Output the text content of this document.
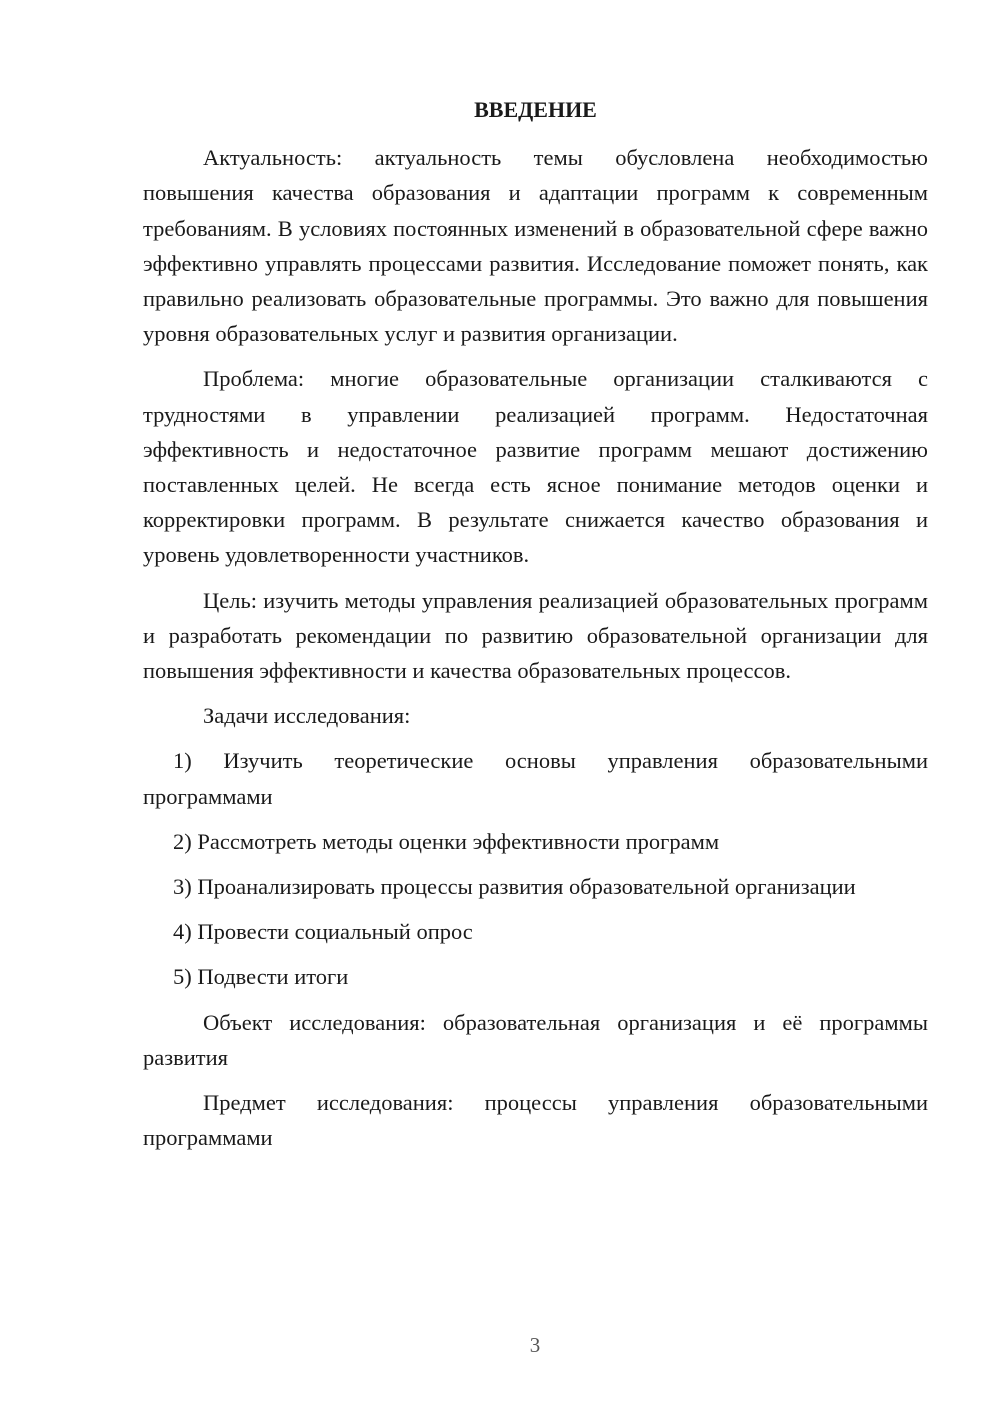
ВВЕДЕНИЕ

Актуальность: актуальность темы обусловлена необходимостью повышения качества образования и адаптации программ к современным требованиям. В условиях постоянных изменений в образовательной сфере важно эффективно управлять процессами развития. Исследование поможет понять, как правильно реализовать образовательные программы. Это важно для повышения уровня образовательных услуг и развития организации.

Проблема: многие образовательные организации сталкиваются с трудностями в управлении реализацией программ. Недостаточная эффективность и недостаточное развитие программ мешают достижению поставленных целей. Не всегда есть ясное понимание методов оценки и корректировки программ. В результате снижается качество образования и уровень удовлетворенности участников.

Цель: изучить методы управления реализацией образовательных программ и разработать рекомендации по развитию образовательной организации для повышения эффективности и качества образовательных процессов.

Задачи исследования:

1) Изучить теоретические основы управления образовательными программами

2) Рассмотреть методы оценки эффективности программ

3) Проанализировать процессы развития образовательной организации

4) Провести социальный опрос

5) Подвести итоги

Объект исследования: образовательная организация и её программы развития

Предмет исследования: процессы управления образовательными программами

3
